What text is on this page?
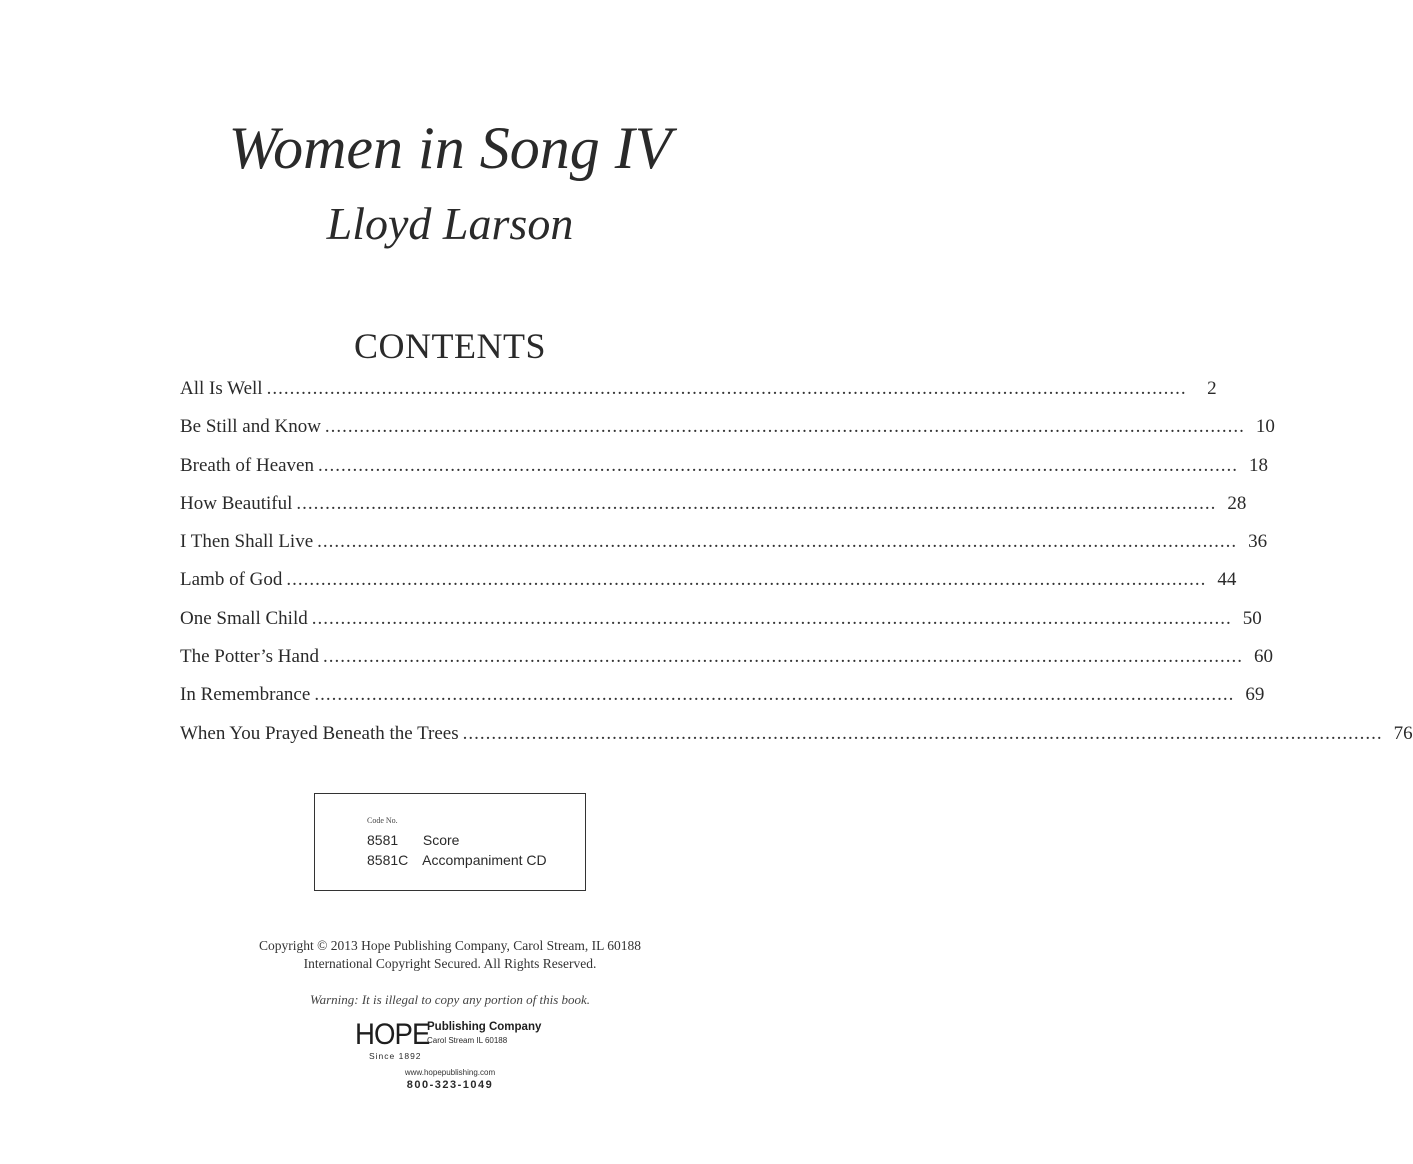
Women in Song IV
Lloyd Larson
CONTENTS
All Is Well ................................................................................................................................................................	2
Be Still and Know ................................................................................................................................................................ 10
Breath of Heaven ................................................................................................................................................................ 18
How Beautiful ................................................................................................................................................................ 28
I Then Shall Live ................................................................................................................................................................ 36
Lamb of God ................................................................................................................................................................ 44
One Small Child ................................................................................................................................................................ 50
The Potter’s Hand ................................................................................................................................................................ 60
In Remembrance ................................................................................................................................................................ 69
When You Prayed Beneath the Trees ................................................................................................................................................................ 76
Code No.
8581 Score
8581C Accompaniment CD
Copyright © 2013 Hope Publishing Company, Carol Stream, IL 60188
International Copyright Secured. All Rights Reserved.
Warning: It is illegal to copy any portion of this book.
HOPE
Publishing Company
Carol Stream IL 60188
Since 1892
www.hopepublishing.com
800-323-1049
